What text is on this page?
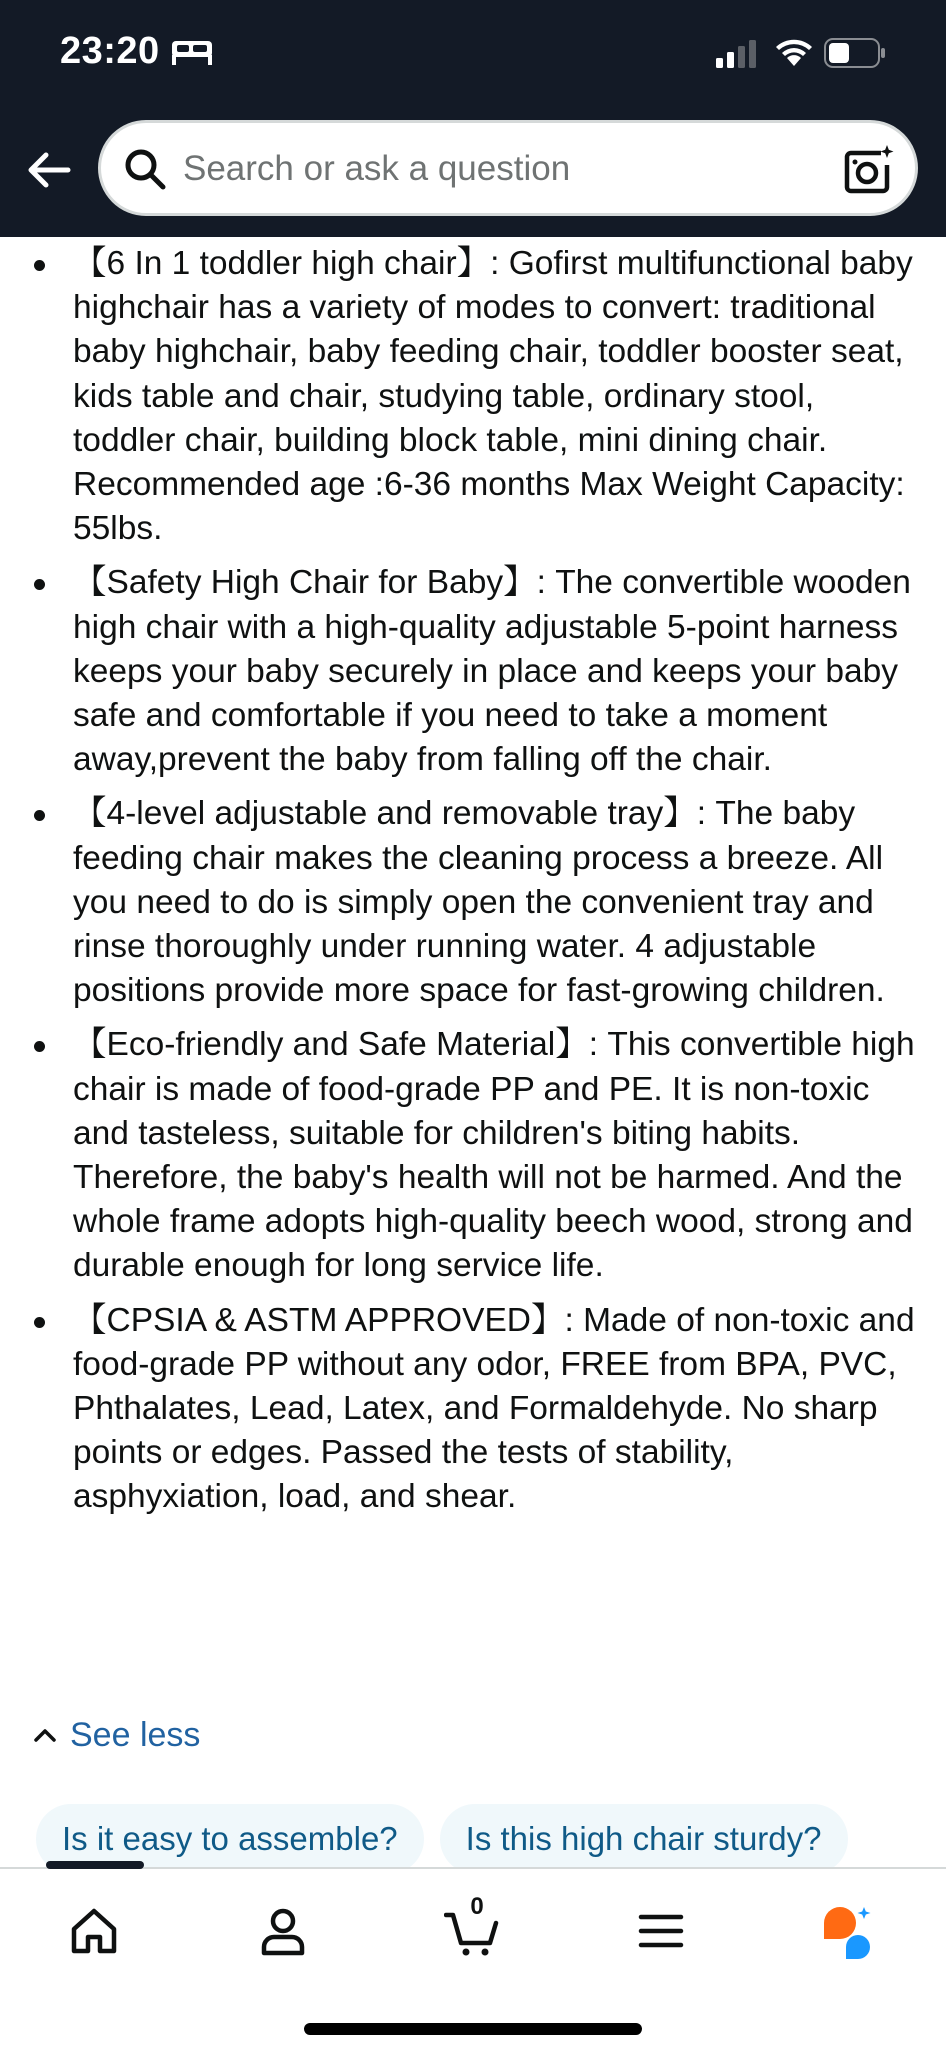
23:20
Search or ask a question
【6 In 1 toddler high chair】: Gofirst multifunctional baby highchair has a variety of modes to convert: traditional baby highchair, baby feeding chair, toddler booster seat, kids table and chair, studying table, ordinary stool, toddler chair, building block table, mini dining chair. Recommended age :6-36 months Max Weight Capacity: 55lbs.
【Safety High Chair for Baby】: The convertible wooden high chair with a high-quality adjustable 5-point harness keeps your baby securely in place and keeps your baby safe and comfortable if you need to take a moment away,prevent the baby from falling off the chair.
【4-level adjustable and removable tray】: The baby feeding chair makes the cleaning process a breeze. All you need to do is simply open the convenient tray and rinse thoroughly under running water. 4 adjustable positions provide more space for fast-growing children.
【Eco-friendly and Safe Material】: This convertible high chair is made of food-grade PP and PE. It is non-toxic and tasteless, suitable for children's biting habits. Therefore, the baby's health will not be harmed. And the whole frame adopts high-quality beech wood, strong and durable enough for long service life.
【CPSIA & ASTM APPROVED】: Made of non-toxic and food-grade PP without any odor, FREE from BPA, PVC, Phthalates, Lead, Latex, and Formaldehyde. No sharp points or edges. Passed the tests of stability, asphyxiation, load, and shear.
See less
Is it easy to assemble?	Is this high chair sturdy?
0
